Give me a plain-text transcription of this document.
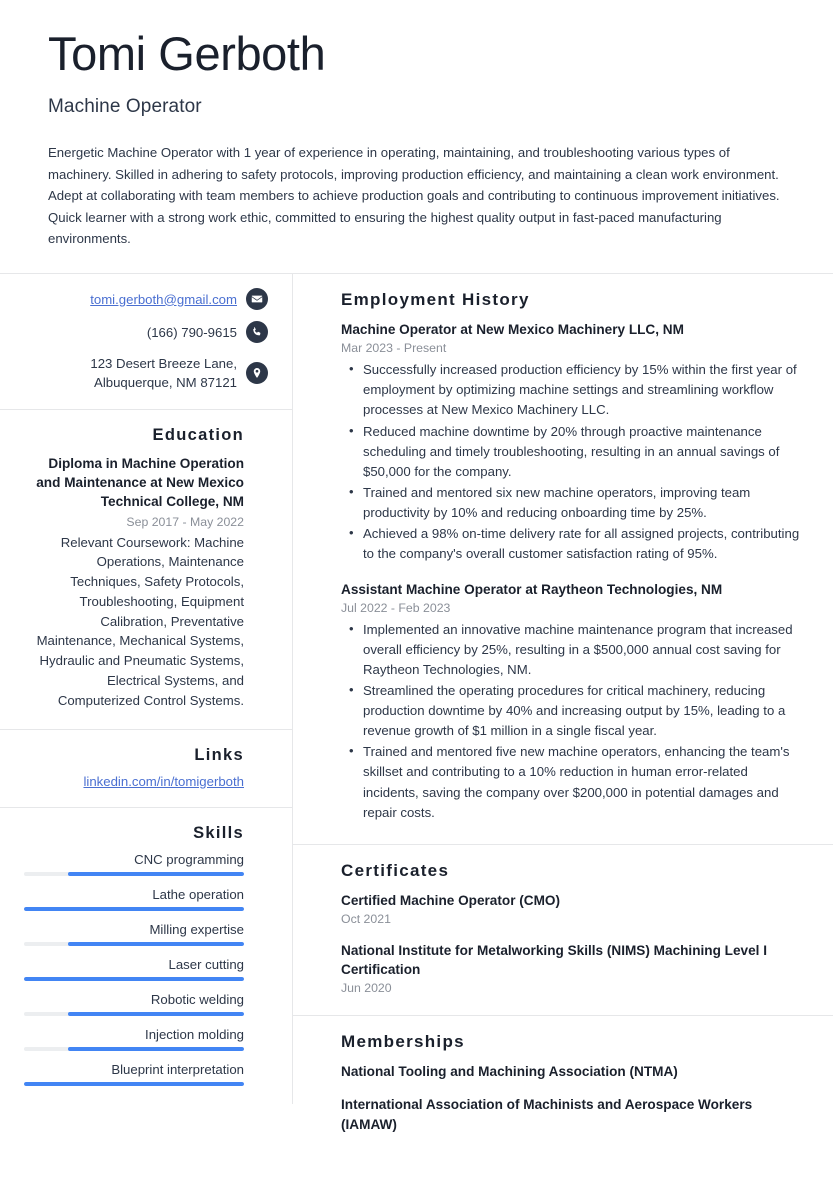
Tomi Gerboth
Machine Operator
Energetic Machine Operator with 1 year of experience in operating, maintaining, and troubleshooting various types of machinery. Skilled in adhering to safety protocols, improving production efficiency, and maintaining a clean work environment. Adept at collaborating with team members to achieve production goals and contributing to continuous improvement initiatives. Quick learner with a strong work ethic, committed to ensuring the highest quality output in fast-paced manufacturing environments.
tomi.gerboth@gmail.com
(166) 790-9615
123 Desert Breeze Lane, Albuquerque, NM 87121
Education
Diploma in Machine Operation and Maintenance at New Mexico Technical College, NM
Sep 2017 - May 2022
Relevant Coursework: Machine Operations, Maintenance Techniques, Safety Protocols, Troubleshooting, Equipment Calibration, Preventative Maintenance, Mechanical Systems, Hydraulic and Pneumatic Systems, Electrical Systems, and Computerized Control Systems.
Links
linkedin.com/in/tomigerboth
Skills
CNC programming
Lathe operation
Milling expertise
Laser cutting
Robotic welding
Injection molding
Blueprint interpretation
Employment History
Machine Operator at New Mexico Machinery LLC, NM
Mar 2023 - Present
• Successfully increased production efficiency by 15% within the first year of employment by optimizing machine settings and streamlining workflow processes at New Mexico Machinery LLC.
• Reduced machine downtime by 20% through proactive maintenance scheduling and timely troubleshooting, resulting in an annual savings of $50,000 for the company.
• Trained and mentored six new machine operators, improving team productivity by 10% and reducing onboarding time by 25%.
• Achieved a 98% on-time delivery rate for all assigned projects, contributing to the company's overall customer satisfaction rating of 95%.
Assistant Machine Operator at Raytheon Technologies, NM
Jul 2022 - Feb 2023
• Implemented an innovative machine maintenance program that increased overall efficiency by 25%, resulting in a $500,000 annual cost saving for Raytheon Technologies, NM.
• Streamlined the operating procedures for critical machinery, reducing production downtime by 40% and increasing output by 15%, leading to a revenue growth of $1 million in a single fiscal year.
• Trained and mentored five new machine operators, enhancing the team's skillset and contributing to a 10% reduction in human error-related incidents, saving the company over $200,000 in potential damages and repair costs.
Certificates
Certified Machine Operator (CMO)
Oct 2021
National Institute for Metalworking Skills (NIMS) Machining Level I Certification
Jun 2020
Memberships
National Tooling and Machining Association (NTMA)
International Association of Machinists and Aerospace Workers (IAMAW)
